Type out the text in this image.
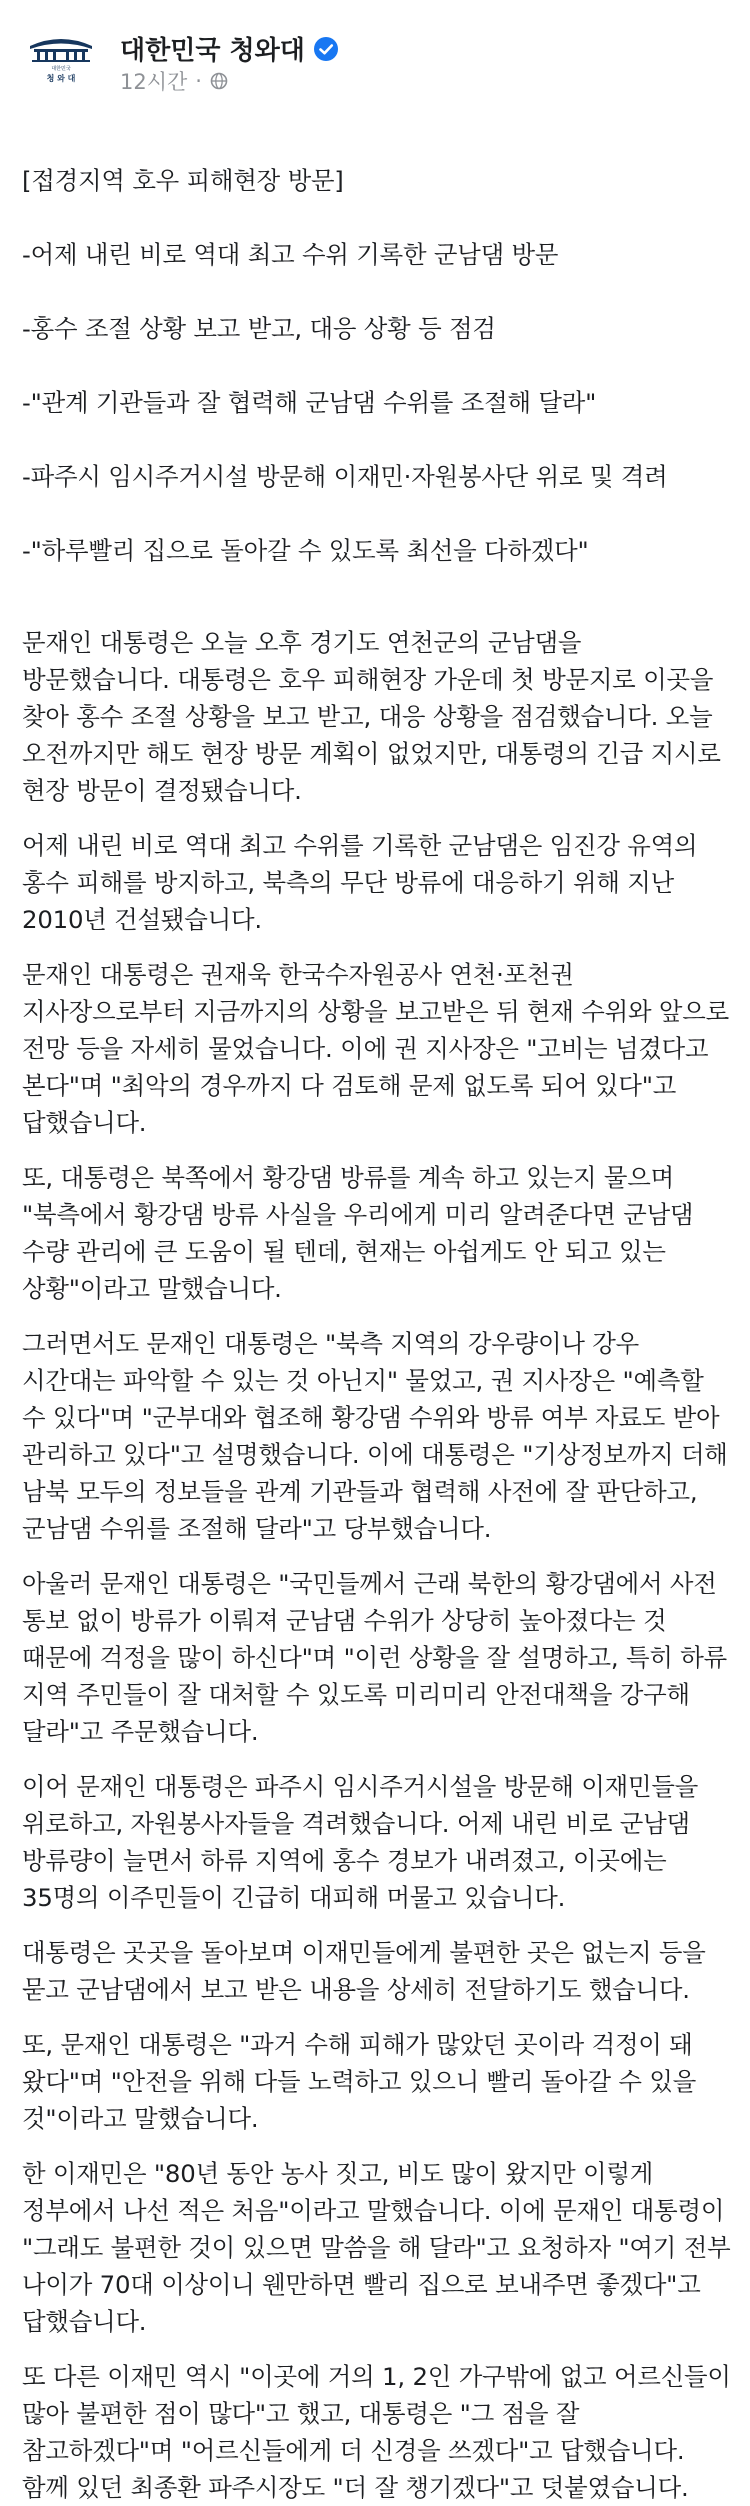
대한민국
청 와 대
대한민국 청와대
12시간 ·

[접경지역 호우 피해현장 방문]

-어제 내린 비로 역대 최고 수위 기록한 군남댐 방문

-홍수 조절 상황 보고 받고, 대응 상황 등 점검

-"관계 기관들과 잘 협력해 군남댐 수위를 조절해 달라"

-파주시 임시주거시설 방문해 이재민·자원봉사단 위로 및 격려

-"하루빨리 집으로 돌아갈 수 있도록 최선을 다하겠다"

문재인 대통령은 오늘 오후 경기도 연천군의 군남댐을 방문했습니다. 대통령은 호우 피해현장 가운데 첫 방문지로 이곳을 찾아 홍수 조절 상황을 보고 받고, 대응 상황을 점검했습니다. 오늘 오전까지만 해도 현장 방문 계획이 없었지만, 대통령의 긴급 지시로 현장 방문이 결정됐습니다.

어제 내린 비로 역대 최고 수위를 기록한 군남댐은 임진강 유역의 홍수 피해를 방지하고, 북측의 무단 방류에 대응하기 위해 지난 2010년 건설됐습니다.

문재인 대통령은 권재욱 한국수자원공사 연천·포천권 지사장으로부터 지금까지의 상황을 보고받은 뒤 현재 수위와 앞으로 전망 등을 자세히 물었습니다. 이에 권 지사장은 "고비는 넘겼다고 본다"며 "최악의 경우까지 다 검토해 문제 없도록 되어 있다"고 답했습니다.

또, 대통령은 북쪽에서 황강댐 방류를 계속 하고 있는지 물으며 "북측에서 황강댐 방류 사실을 우리에게 미리 알려준다면 군남댐 수량 관리에 큰 도움이 될 텐데, 현재는 아쉽게도 안 되고 있는 상황"이라고 말했습니다.

그러면서도 문재인 대통령은 "북측 지역의 강우량이나 강우 시간대는 파악할 수 있는 것 아닌지" 물었고, 권 지사장은 "예측할 수 있다"며 "군부대와 협조해 황강댐 수위와 방류 여부 자료도 받아 관리하고 있다"고 설명했습니다. 이에 대통령은 "기상정보까지 더해 남북 모두의 정보들을 관계 기관들과 협력해 사전에 잘 판단하고, 군남댐 수위를 조절해 달라"고 당부했습니다.

아울러 문재인 대통령은 "국민들께서 근래 북한의 황강댐에서 사전 통보 없이 방류가 이뤄져 군남댐 수위가 상당히 높아졌다는 것 때문에 걱정을 많이 하신다"며 "이런 상황을 잘 설명하고, 특히 하류 지역 주민들이 잘 대처할 수 있도록 미리미리 안전대책을 강구해 달라"고 주문했습니다.

이어 문재인 대통령은 파주시 임시주거시설을 방문해 이재민들을 위로하고, 자원봉사자들을 격려했습니다. 어제 내린 비로 군남댐 방류량이 늘면서 하류 지역에 홍수 경보가 내려졌고, 이곳에는 35명의 이주민들이 긴급히 대피해 머물고 있습니다.

대통령은 곳곳을 돌아보며 이재민들에게 불편한 곳은 없는지 등을 묻고 군남댐에서 보고 받은 내용을 상세히 전달하기도 했습니다.

또, 문재인 대통령은 "과거 수해 피해가 많았던 곳이라 걱정이 돼 왔다"며 "안전을 위해 다들 노력하고 있으니 빨리 돌아갈 수 있을 것"이라고 말했습니다.

한 이재민은 "80년 동안 농사 짓고, 비도 많이 왔지만 이렇게 정부에서 나선 적은 처음"이라고 말했습니다. 이에 문재인 대통령이 "그래도 불편한 것이 있으면 말씀을 해 달라"고 요청하자 "여기 전부 나이가 70대 이상이니 웬만하면 빨리 집으로 보내주면 좋겠다"고 답했습니다.

또 다른 이재민 역시 "이곳에 거의 1, 2인 가구밖에 없고 어르신들이 많아 불편한 점이 많다"고 했고, 대통령은 "그 점을 잘 참고하겠다"며 "어르신들에게 더 신경을 쓰겠다"고 답했습니다. 함께 있던 최종환 파주시장도 "더 잘 챙기겠다"고 덧붙였습니다.
